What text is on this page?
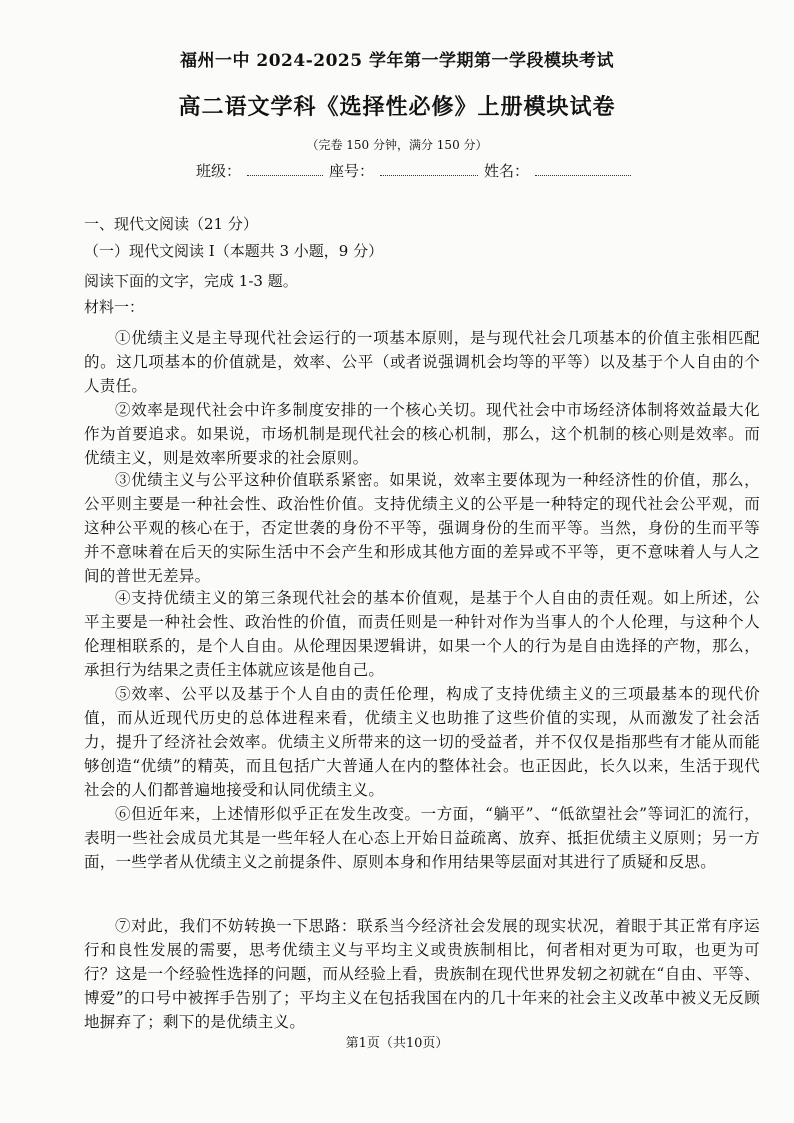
福州一中 2024-2025 学年第一学期第一学段模块考试
高二语文学科《选择性必修》上册模块试卷
（完卷 150 分钟，满分 150 分）
班级：	座号：	姓名：
一、现代文阅读（21 分）
（一）现代文阅读 I（本题共 3 小题，9 分）
阅读下面的文字，完成 1-3 题。
材料一：
①优绩主义是主导现代社会运行的一项基本原则，是与现代社会几项基本的价值主张相匹配的。这几项基本的价值就是，效率、公平（或者说强调机会均等的平等）以及基于个人自由的个人责任。
②效率是现代社会中许多制度安排的一个核心关切。现代社会中市场经济体制将效益最大化作为首要追求。如果说，市场机制是现代社会的核心机制，那么，这个机制的核心则是效率。而优绩主义，则是效率所要求的社会原则。
③优绩主义与公平这种价值联系紧密。如果说，效率主要体现为一种经济性的价值，那么，公平则主要是一种社会性、政治性价值。支持优绩主义的公平是一种特定的现代社会公平观，而这种公平观的核心在于，否定世袭的身份不平等，强调身份的生而平等。当然，身份的生而平等并不意味着在后天的实际生活中不会产生和形成其他方面的差异或不平等，更不意味着人与人之间的普世无差异。
④支持优绩主义的第三条现代社会的基本价值观，是基于个人自由的责任观。如上所述，公平主要是一种社会性、政治性的价值，而责任则是一种针对作为当事人的个人伦理，与这种个人伦理相联系的，是个人自由。从伦理因果逻辑讲，如果一个人的行为是自由选择的产物，那么，承担行为结果之责任主体就应该是他自己。
⑤效率、公平以及基于个人自由的责任伦理，构成了支持优绩主义的三项最基本的现代价值，而从近现代历史的总体进程来看，优绩主义也助推了这些价值的实现，从而激发了社会活力，提升了经济社会效率。优绩主义所带来的这一切的受益者，并不仅仅是指那些有才能从而能够创造“优绩”的精英，而且包括广大普通人在内的整体社会。也正因此，长久以来，生活于现代社会的人们都普遍地接受和认同优绩主义。
⑥但近年来，上述情形似乎正在发生改变。一方面，“躺平”、“低欲望社会”等词汇的流行，表明一些社会成员尤其是一些年轻人在心态上开始日益疏离、放弃、抵拒优绩主义原则；另一方面，一些学者从优绩主义之前提条件、原则本身和作用结果等层面对其进行了质疑和反思。
⑦对此，我们不妨转换一下思路：联系当今经济社会发展的现实状况，着眼于其正常有序运行和良性发展的需要，思考优绩主义与平均主义或贵族制相比，何者相对更为可取，也更为可行？这是一个经验性选择的问题，而从经验上看，贵族制在现代世界发轫之初就在“自由、平等、博爱”的口号中被挥手告别了；平均主义在包括我国在内的几十年来的社会主义改革中被义无反顾地摒弃了；剩下的是优绩主义。
第1页（共10页）
